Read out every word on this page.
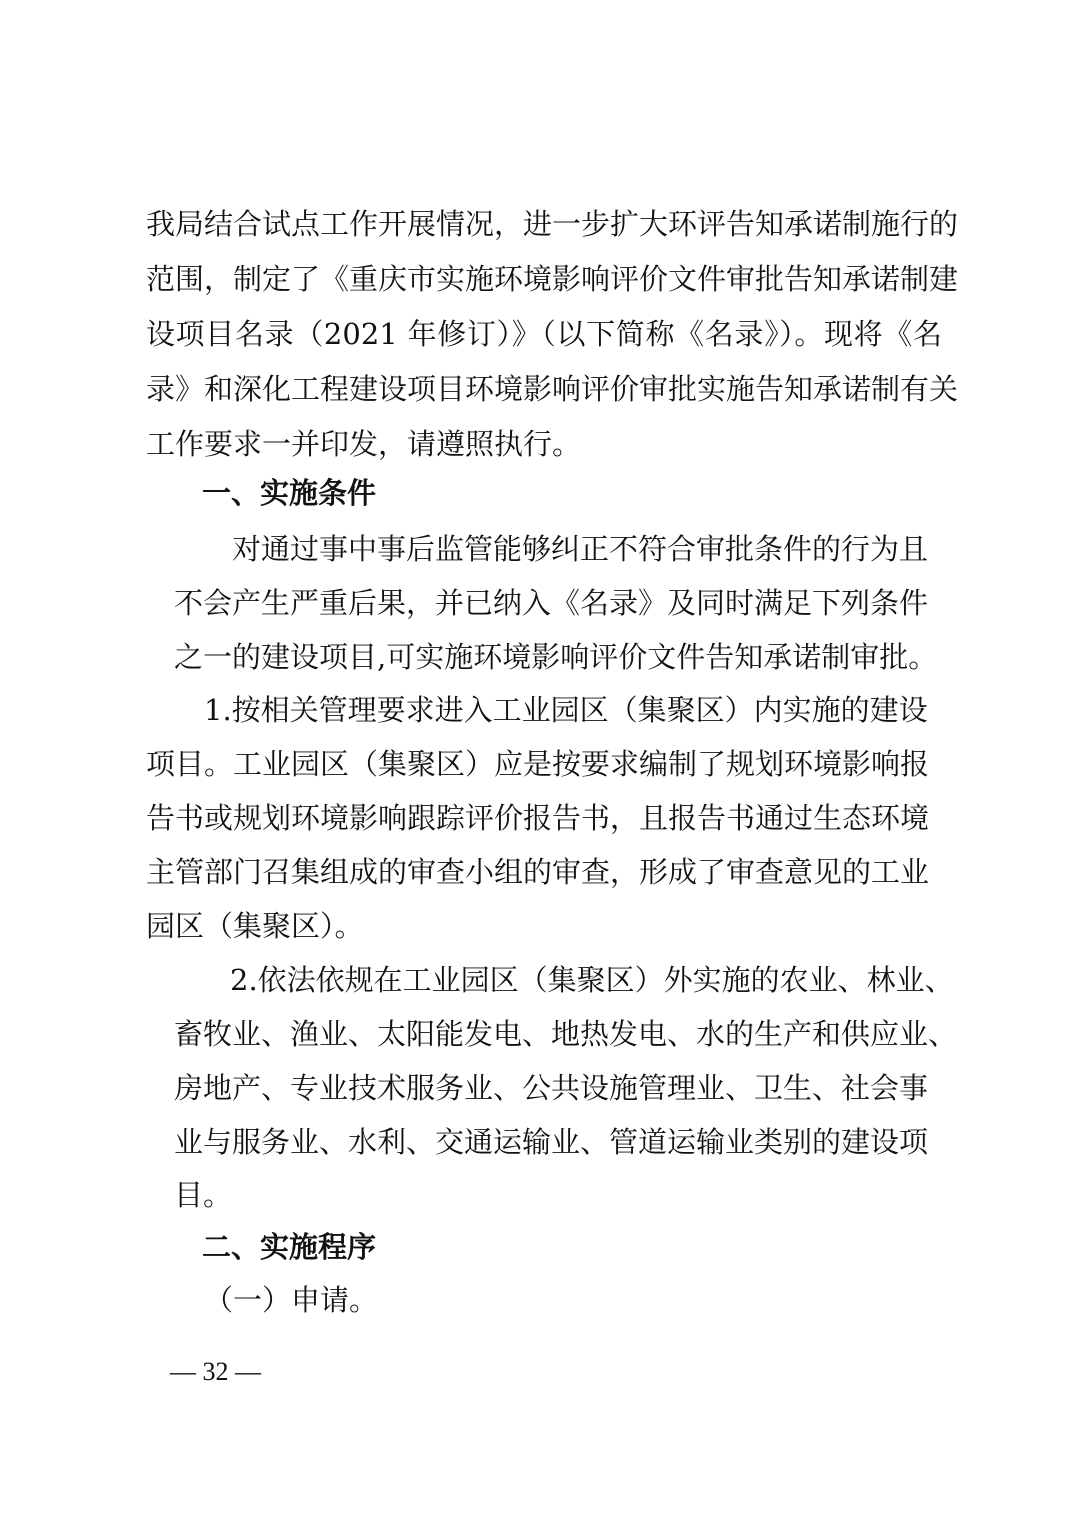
我局结合试点工作开展情况，进一步扩大环评告知承诺制施行的
范围，制定了《重庆市实施环境影响评价文件审批告知承诺制建
设项目名录（2021 年修订）》（以下简称《名录》）。现将《名
录》和深化工程建设项目环境影响评价审批实施告知承诺制有关
工作要求一并印发，请遵照执行。
一、实施条件
对通过事中事后监管能够纠正不符合审批条件的行为且
不会产生严重后果，并已纳入《名录》及同时满足下列条件
之一的建设项目,可实施环境影响评价文件告知承诺制审批。
1.按相关管理要求进入工业园区（集聚区）内实施的建设
项目。工业园区（集聚区）应是按要求编制了规划环境影响报
告书或规划环境影响跟踪评价报告书，且报告书通过生态环境
主管部门召集组成的审查小组的审查，形成了审查意见的工业
园区（集聚区）。
2.依法依规在工业园区（集聚区）外实施的农业、林业、
畜牧业、渔业、太阳能发电、地热发电、水的生产和供应业、
房地产、专业技术服务业、公共设施管理业、卫生、社会事
业与服务业、水利、交通运输业、管道运输业类别的建设项
目。
二、实施程序
（一）申请。
— 32 —
